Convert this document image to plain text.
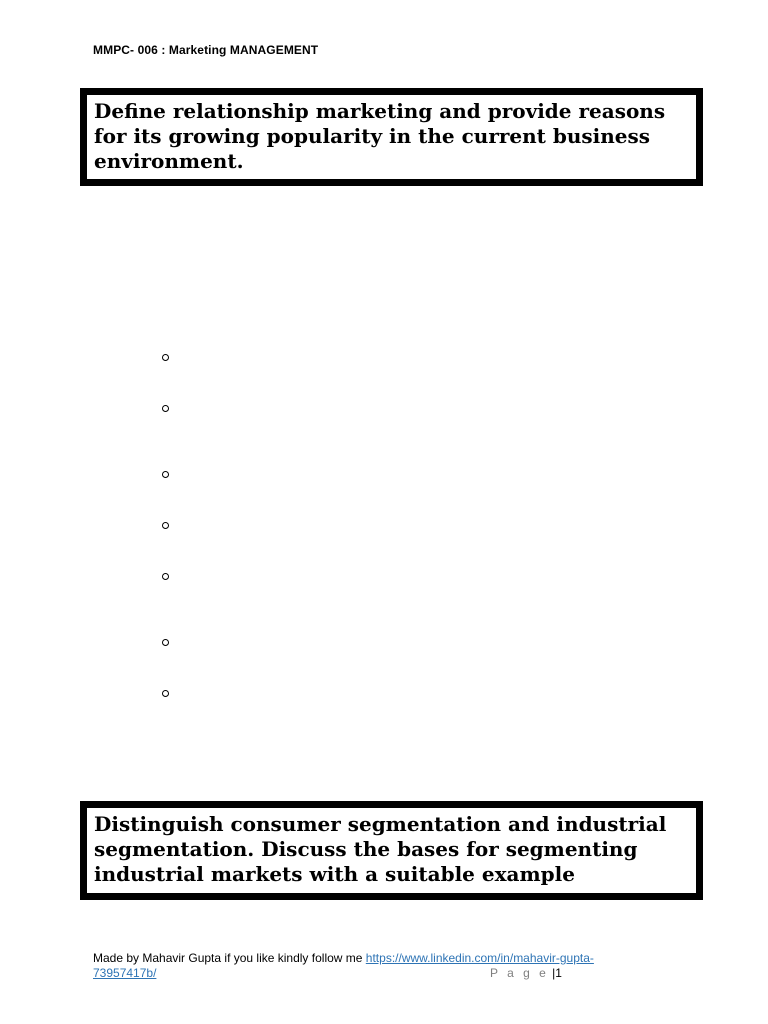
MMPC- 006 : Marketing MANAGEMENT
Define relationship marketing and provide reasons for its growing popularity in the current business environment.
Distinguish consumer segmentation and industrial segmentation. Discuss the bases for segmenting industrial markets with a suitable example
Made by Mahavir Gupta if you like kindly follow me https://www.linkedin.com/in/mahavir-gupta-73957417b/	P a g e |1
